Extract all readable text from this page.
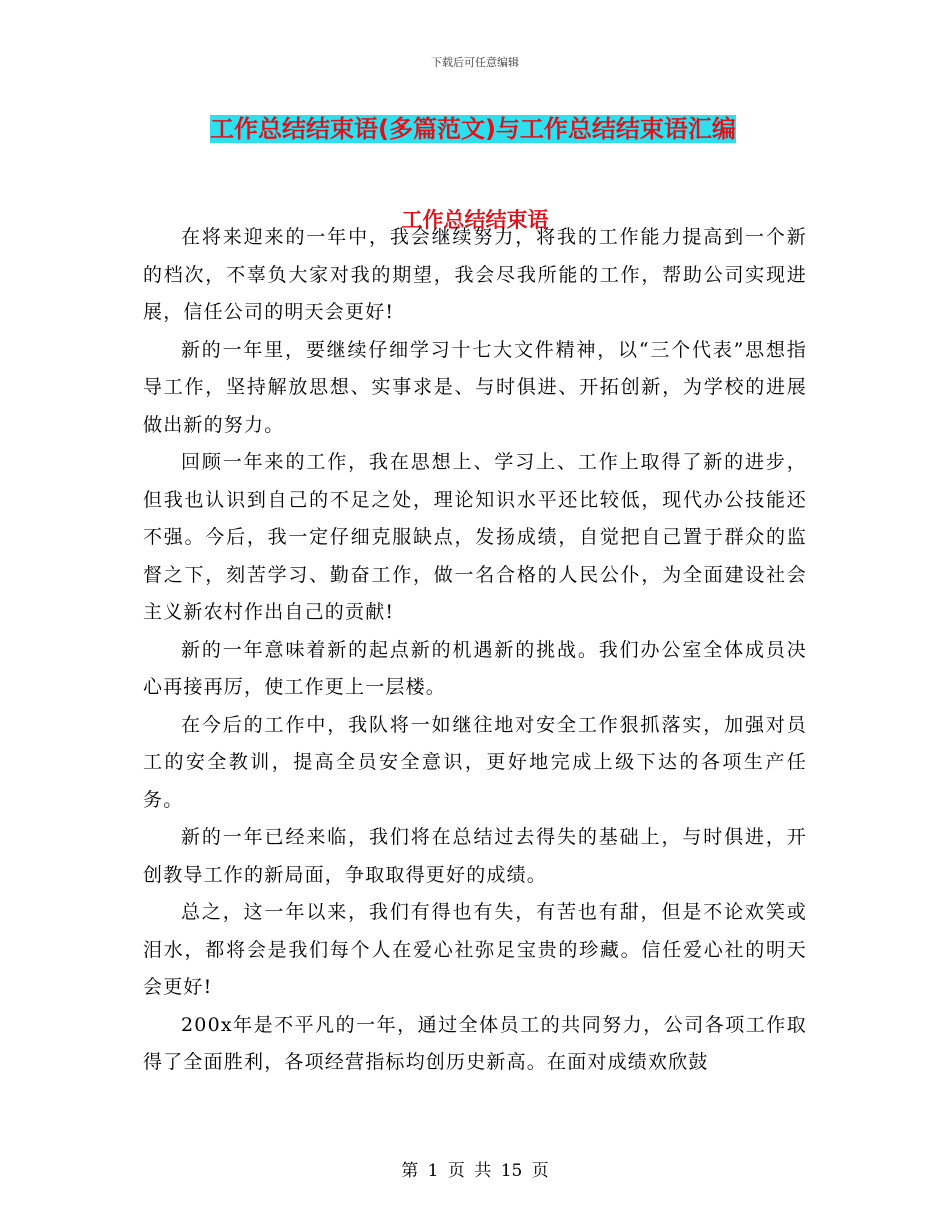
下载后可任意编辑
工作总结结束语(多篇范文)与工作总结结束语汇编
工作总结结束语

在将来迎来的一年中，我会继续努力，将我的工作能力提高到一个新的档次，不辜负大家对我的期望，我会尽我所能的工作，帮助公司实现进展，信任公司的明天会更好!

新的一年里，要继续仔细学习十七大文件精神，以“三个代表”思想指导工作，坚持解放思想、实事求是、与时俱进、开拓创新，为学校的进展做出新的努力。

回顾一年来的工作，我在思想上、学习上、工作上取得了新的进步，但我也认识到自己的不足之处，理论知识水平还比较低，现代办公技能还不强。今后，我一定仔细克服缺点，发扬成绩，自觉把自己置于群众的监督之下，刻苦学习、勤奋工作，做一名合格的人民公仆，为全面建设社会主义新农村作出自己的贡献!

新的一年意味着新的起点新的机遇新的挑战。我们办公室全体成员决心再接再厉，使工作更上一层楼。

在今后的工作中，我队将一如继往地对安全工作狠抓落实，加强对员工的安全教训，提高全员安全意识，更好地完成上级下达的各项生产任务。

新的一年已经来临，我们将在总结过去得失的基础上，与时俱进，开创教导工作的新局面，争取取得更好的成绩。

总之，这一年以来，我们有得也有失，有苦也有甜，但是不论欢笑或泪水，都将会是我们每个人在爱心社弥足宝贵的珍藏。信任爱心社的明天会更好!

200x年是不平凡的一年，通过全体员工的共同努力，公司各项工作取得了全面胜利，各项经营指标均创历史新高。在面对成绩欢欣鼓

第 1 页 共 15 页
